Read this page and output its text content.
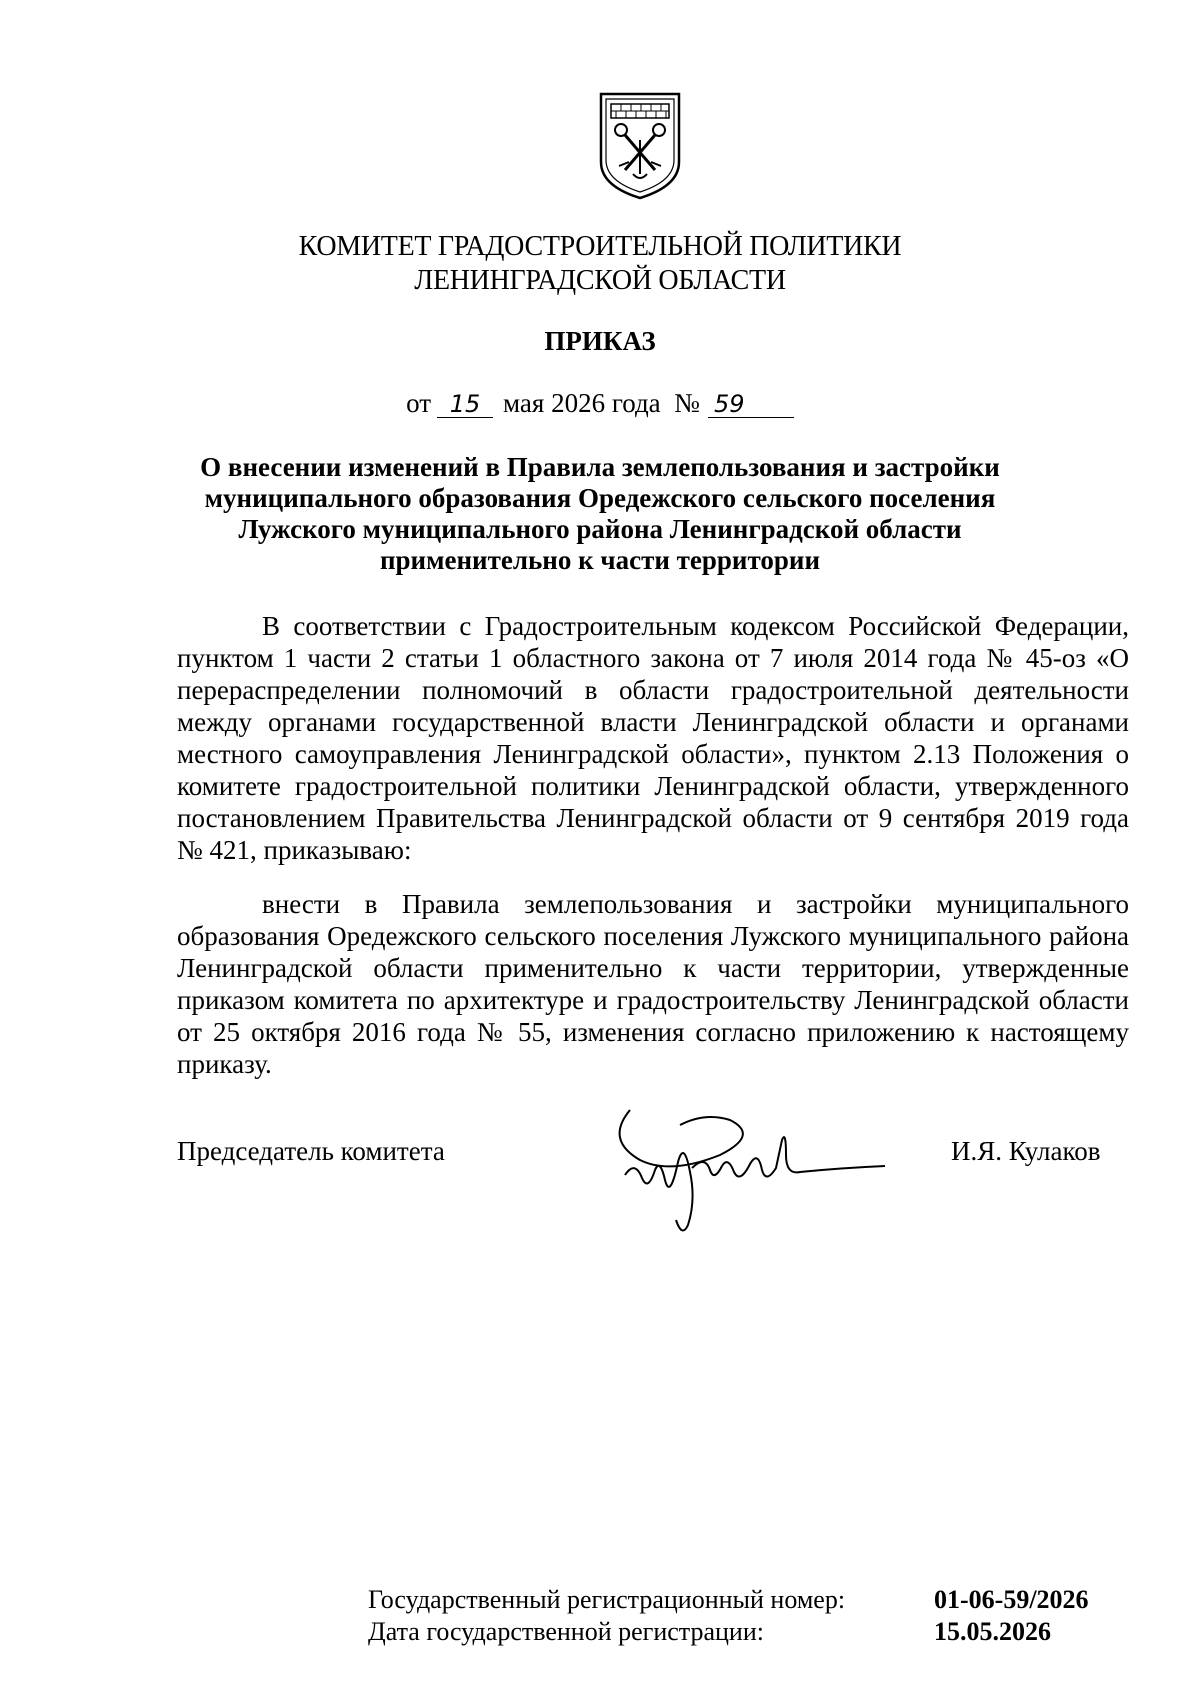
КОМИТЕТ ГРАДОСТРОИТЕЛЬНОЙ ПОЛИТИКИ
ЛЕНИНГРАДСКОЙ ОБЛАСТИ
ПРИКАЗ
от 15 мая 2026 года № 59
О внесении изменений в Правила землепользования и застройки муниципального образования Оредежского сельского поселения Лужского муниципального района Ленинградской области применительно к части территории
В соответствии с Градостроительным кодексом Российской Федерации, пунктом 1 части 2 статьи 1 областного закона от 7 июля 2014 года № 45-оз «О перераспределении полномочий в области градостроительной деятельности между органами государственной власти Ленинградской области и органами местного самоуправления Ленинградской области», пунктом 2.13 Положения о комитете градостроительной политики Ленинградской области, утвержденного постановлением Правительства Ленинградской области от 9 сентября 2019 года № 421, приказываю:
внести в Правила землепользования и застройки муниципального образования Оредежского сельского поселения Лужского муниципального района Ленинградской области применительно к части территории, утвержденные приказом комитета по архитектуре и градостроительству Ленинградской области от 25 октября 2016 года № 55, изменения согласно приложению к настоящему приказу.
Председатель комитета	И.Я. Кулаков
Государственный регистрационный номер:	01-06-59/2026
Дата государственной регистрации:	15.05.2026
